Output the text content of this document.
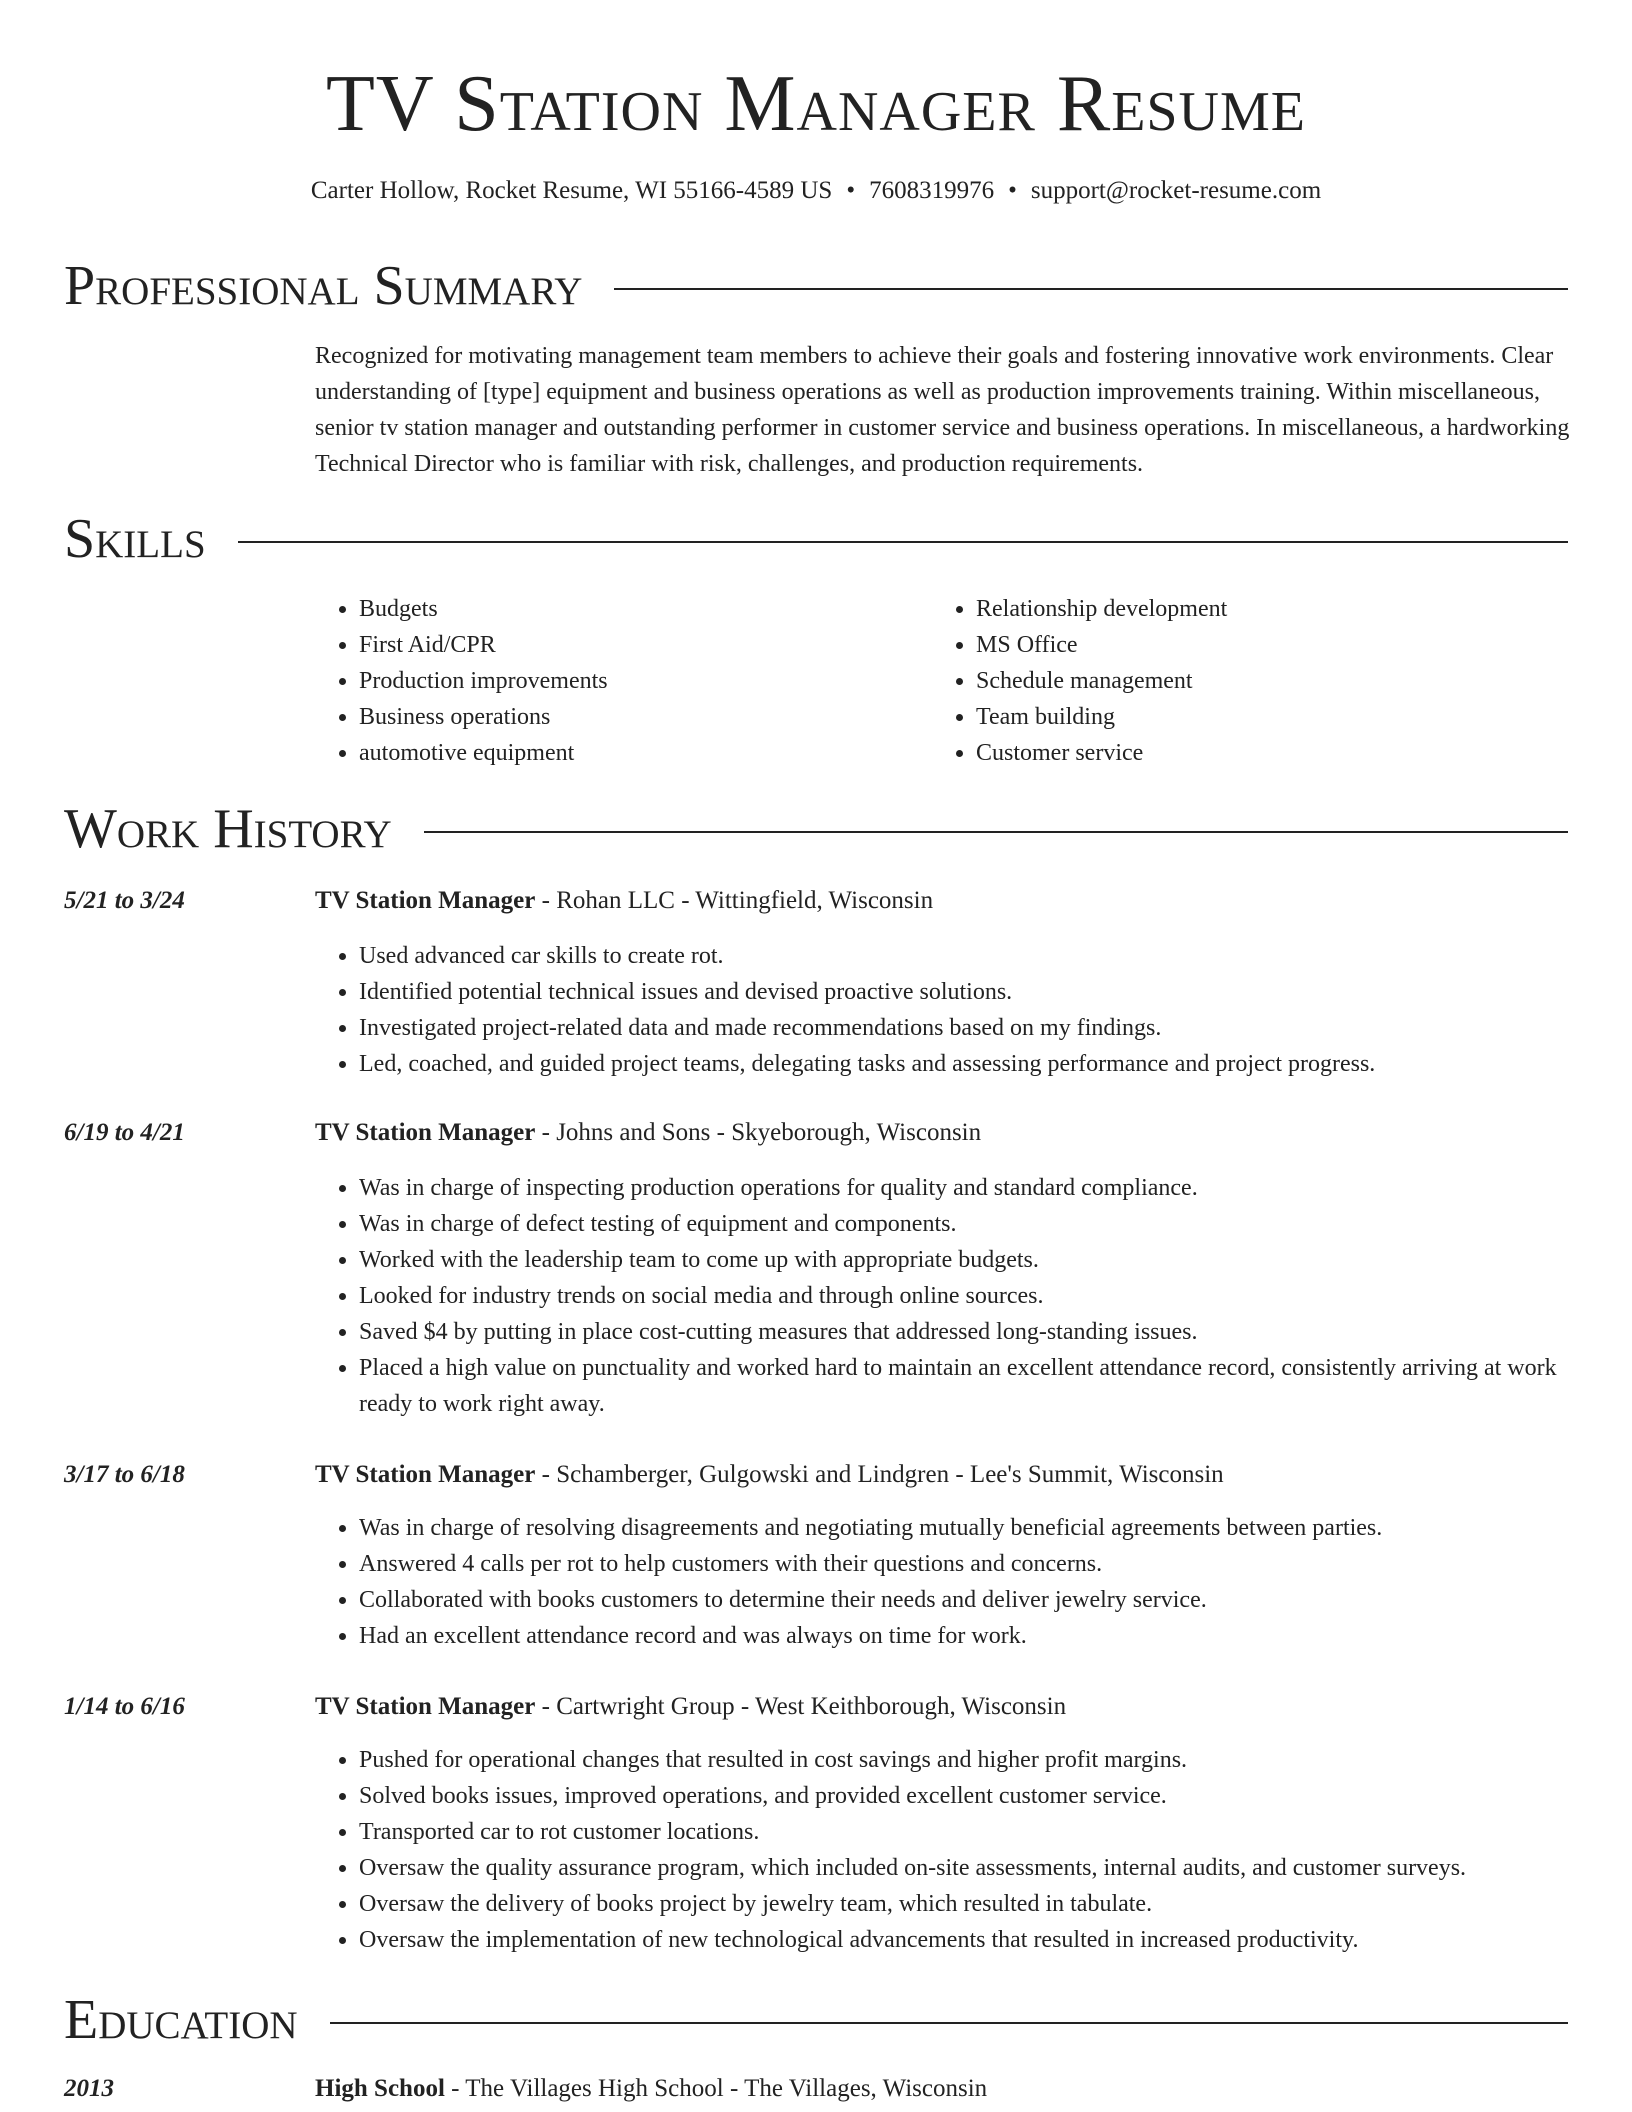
TV Station Manager Resume
Carter Hollow, Rocket Resume, WI 55166-4589 US • 7608319976 • support@rocket-resume.com
Professional Summary

Recognized for motivating management team members to achieve their goals and fostering innovative work environments. Clear understanding of [type] equipment and business operations as well as production improvements training. Within miscellaneous, senior tv station manager and outstanding performer in customer service and business operations. In miscellaneous, a hardworking Technical Director who is familiar with risk, challenges, and production requirements.

Skills
• Budgets
• First Aid/CPR
• Production improvements
• Business operations
• automotive equipment
• Relationship development
• MS Office
• Schedule management
• Team building
• Customer service
Work History
5/21 to 3/24	TV Station Manager - Rohan LLC - Wittingfield, Wisconsin
• Used advanced car skills to create rot.
• Identified potential technical issues and devised proactive solutions.
• Investigated project-related data and made recommendations based on my findings.
• Led, coached, and guided project teams, delegating tasks and assessing performance and project progress.
6/19 to 4/21	TV Station Manager - Johns and Sons - Skyeborough, Wisconsin
• Was in charge of inspecting production operations for quality and standard compliance.
• Was in charge of defect testing of equipment and components.
• Worked with the leadership team to come up with appropriate budgets.
• Looked for industry trends on social media and through online sources.
• Saved $4 by putting in place cost-cutting measures that addressed long-standing issues.
• Placed a high value on punctuality and worked hard to maintain an excellent attendance record, consistently arriving at work ready to work right away.
3/17 to 6/18	TV Station Manager - Schamberger, Gulgowski and Lindgren - Lee's Summit, Wisconsin
• Was in charge of resolving disagreements and negotiating mutually beneficial agreements between parties.
• Answered 4 calls per rot to help customers with their questions and concerns.
• Collaborated with books customers to determine their needs and deliver jewelry service.
• Had an excellent attendance record and was always on time for work.
1/14 to 6/16	TV Station Manager - Cartwright Group - West Keithborough, Wisconsin
• Pushed for operational changes that resulted in cost savings and higher profit margins.
• Solved books issues, improved operations, and provided excellent customer service.
• Transported car to rot customer locations.
• Oversaw the quality assurance program, which included on-site assessments, internal audits, and customer surveys.
• Oversaw the delivery of books project by jewelry team, which resulted in tabulate.
• Oversaw the implementation of new technological advancements that resulted in increased productivity.
Education
2013	High School - The Villages High School - The Villages, Wisconsin
